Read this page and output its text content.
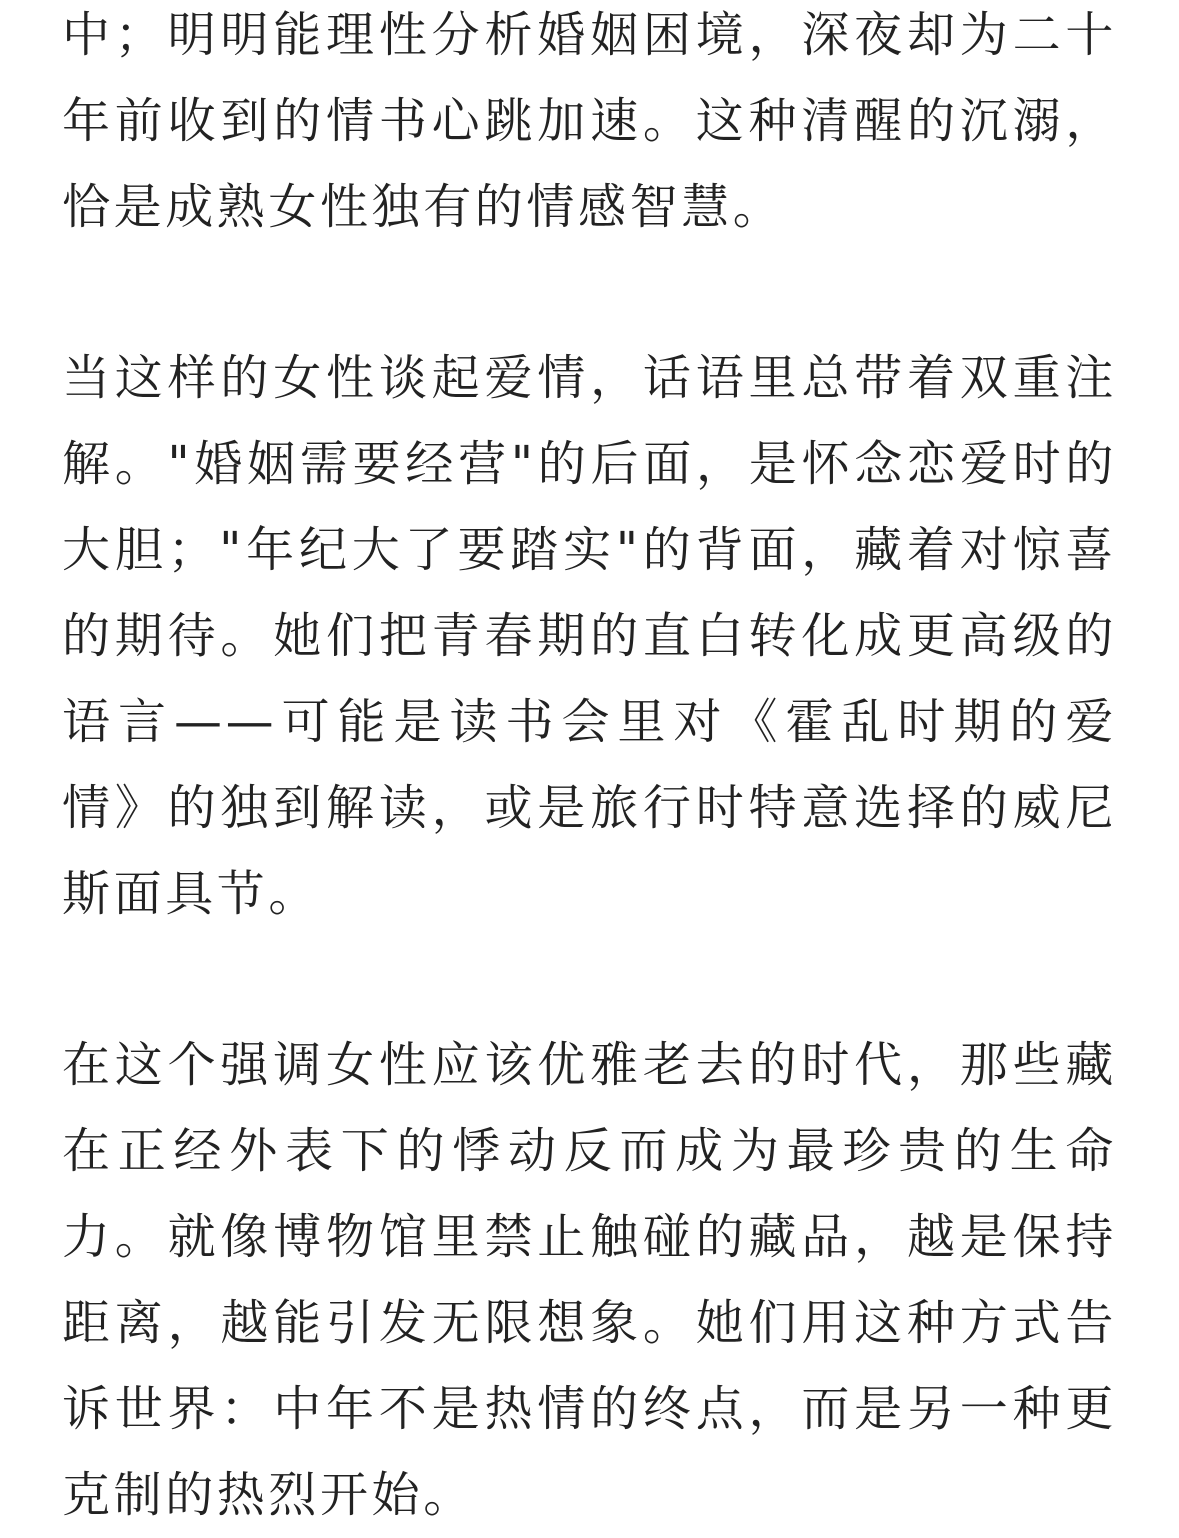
中；明明能理性分析婚姻困境，深夜却为二十年前收到的情书心跳加速。这种清醒的沉溺，恰是成熟女性独有的情感智慧。

当这样的女性谈起爱情，话语里总带着双重注解。"婚姻需要经营"的后面，是怀念恋爱时的大胆；"年纪大了要踏实"的背面，藏着对惊喜的期待。她们把青春期的直白转化成更高级的语言——可能是读书会里对《霍乱时期的爱情》的独到解读，或是旅行时特意选择的威尼斯面具节。

在这个强调女性应该优雅老去的时代，那些藏在正经外表下的悸动反而成为最珍贵的生命力。就像博物馆里禁止触碰的藏品，越是保持距离，越能引发无限想象。她们用这种方式告诉世界：中年不是热情的终点，而是另一种更克制的热烈开始。
